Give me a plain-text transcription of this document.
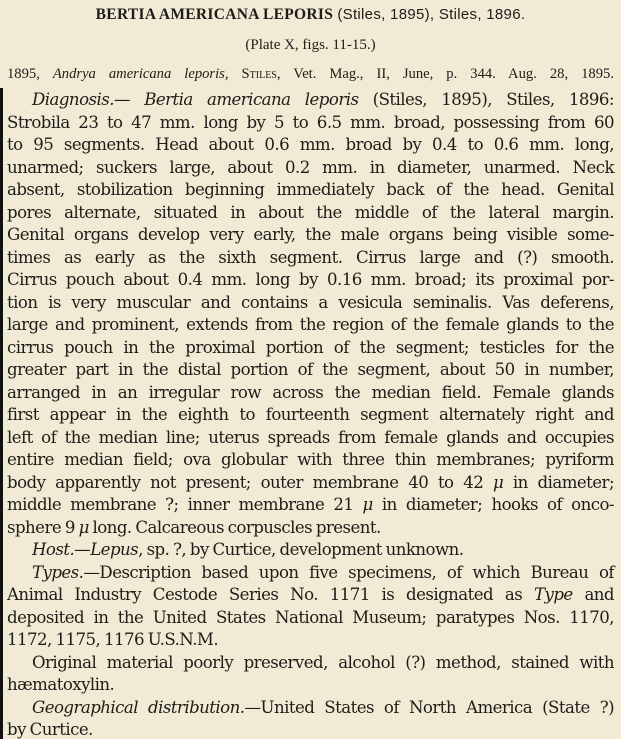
BERTIA AMERICANA LEPORIS (Stiles, 1895), Stiles, 1896.
(Plate X, figs. 11-15.)
1895, Andrya americana leporis, Stiles, Vet. Mag., II, June, p. 344. Aug. 28, 1895.
Diagnosis.— Bertia americana leporis (Stiles, 1895), Stiles, 1896:
Strobila 23 to 47 mm. long by 5 to 6.5 mm. broad, possessing from 60
to 95 segments. Head about 0.6 mm. broad by 0.4 to 0.6 mm. long,
unarmed; suckers large, about 0.2 mm. in diameter, unarmed. Neck
absent, stobilization beginning immediately back of the head. Genital
pores alternate, situated in about the middle of the lateral margin.
Genital organs develop very early, the male organs being visible some-
times as early as the sixth segment. Cirrus large and (?) smooth.
Cirrus pouch about 0.4 mm. long by 0.16 mm. broad; its proximal por-
tion is very muscular and contains a vesicula seminalis. Vas deferens,
large and prominent, extends from the region of the female glands to the
cirrus pouch in the proximal portion of the segment; testicles for the
greater part in the distal portion of the segment, about 50 in number,
arranged in an irregular row across the median field. Female glands
first appear in the eighth to fourteenth segment alternately right and
left of the median line; uterus spreads from female glands and occupies
entire median field; ova globular with three thin membranes; pyriform
body apparently not present; outer membrane 40 to 42 μ in diameter;
middle membrane ?; inner membrane 21 μ in diameter; hooks of onco-
sphere 9 μ long. Calcareous corpuscles present.
Host.—Lepus, sp. ?, by Curtice, development unknown.
Types.—Description based upon five specimens, of which Bureau of
Animal Industry Cestode Series No. 1171 is designated as Type and
deposited in the United States National Museum; paratypes Nos. 1170,
1172, 1175, 1176 U.S.N.M.
Original material poorly preserved, alcohol (?) method, stained with
hæmatoxylin.
Geographical distribution.—United States of North America (State ?)
by Curtice.
